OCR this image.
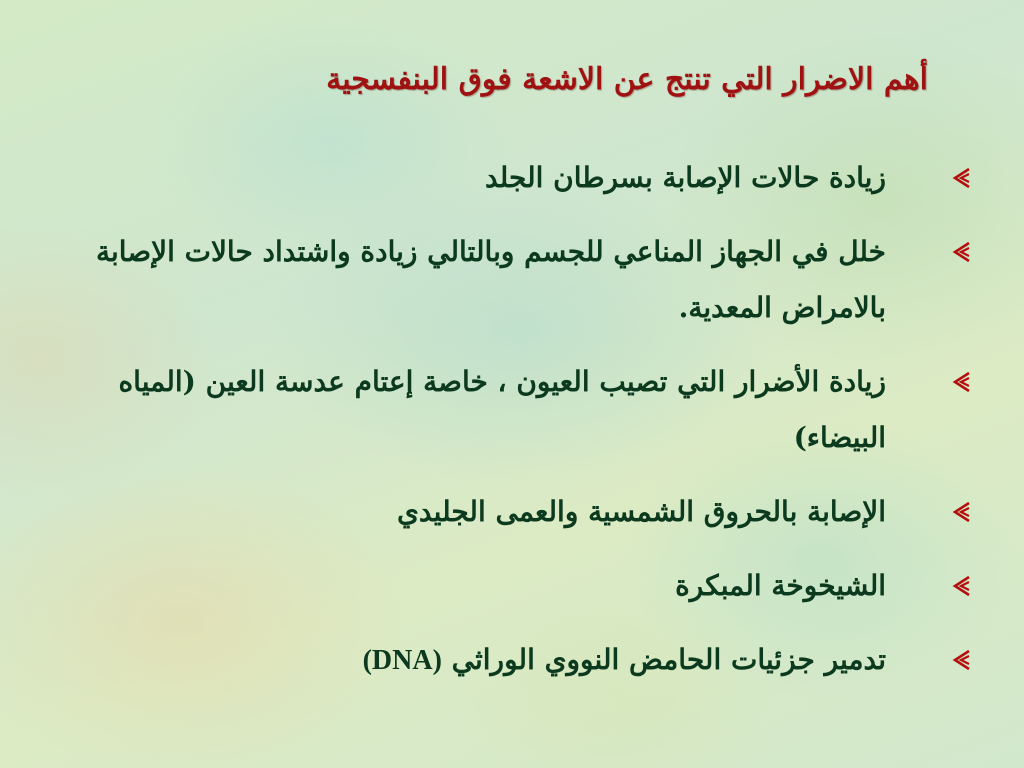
أهم الاضرار التي تنتج عن الاشعة فوق البنفسجية
زيادة حالات الإصابة بسرطان الجلد
خلل في الجهاز المناعي للجسم وبالتالي زيادة واشتداد حالات الإصابة بالامراض المعدية.
زيادة الأضرار التي تصيب العيون ، خاصة إعتام عدسة العين (المياه البيضاء)
الإصابة بالحروق الشمسية والعمى الجليدي
الشيخوخة المبكرة
تدمير جزئيات الحامض النووي الوراثي (DNA)
